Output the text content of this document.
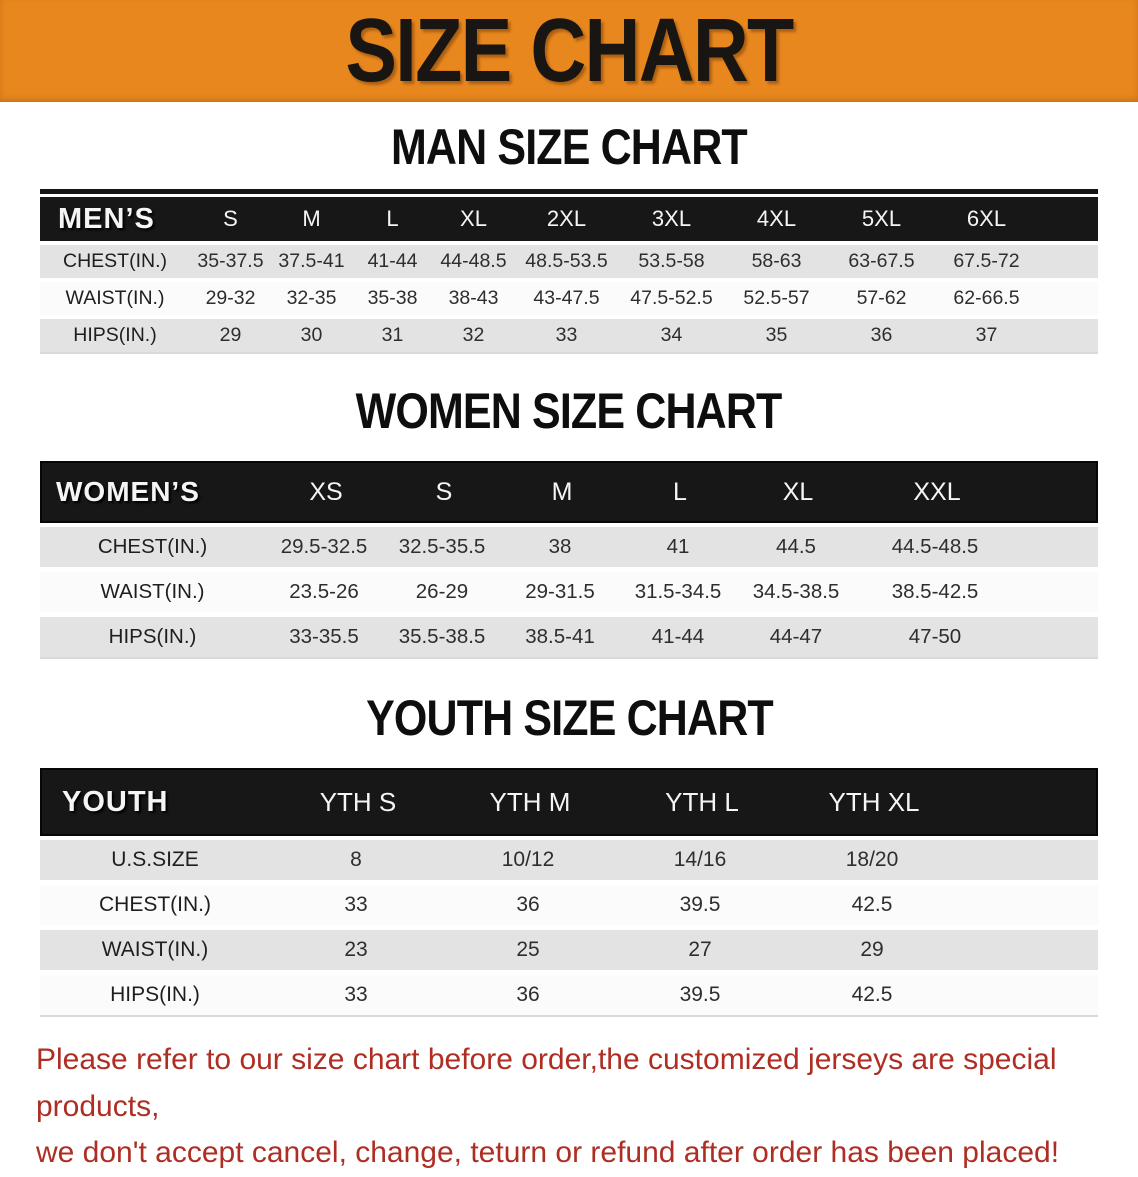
SIZE CHART
MAN SIZE CHART
MEN’S	S	M	L	XL	2XL	3XL	4XL	5XL	6XL
CHEST(IN.)	35-37.5 37.5-41	41-44	44-48.5 48.5-53.5	53.5-58	58-63	63-67.5	67.5-72
WAIST(IN.)	29-32	32-35	35-38	38-43	43-47.5	47.5-52.5	52.5-57	57-62	62-66.5
HIPS(IN.)	29	30	31	32	33	34	35	36	37
WOMEN SIZE CHART
WOMEN’S	XS	S	M	L	XL	XXL
CHEST(IN.)	29.5-32.5	32.5-35.5	38	41	44.5	44.5-48.5
WAIST(IN.)	23.5-26	26-29	29-31.5	31.5-34.5	34.5-38.5	38.5-42.5
HIPS(IN.)	33-35.5	35.5-38.5	38.5-41	41-44	44-47	47-50
YOUTH SIZE CHART
YOUTH	YTH S	YTH M	YTH L	YTH XL
U.S.SIZE	8	10/12	14/16	18/20
CHEST(IN.)	33	36	39.5	42.5
WAIST(IN.)	23	25	27	29
HIPS(IN.)	33	36	39.5	42.5
Please refer to our size chart before order,the customized jerseys are special products,
we don't accept cancel, change, teturn or refund after order has been placed!
